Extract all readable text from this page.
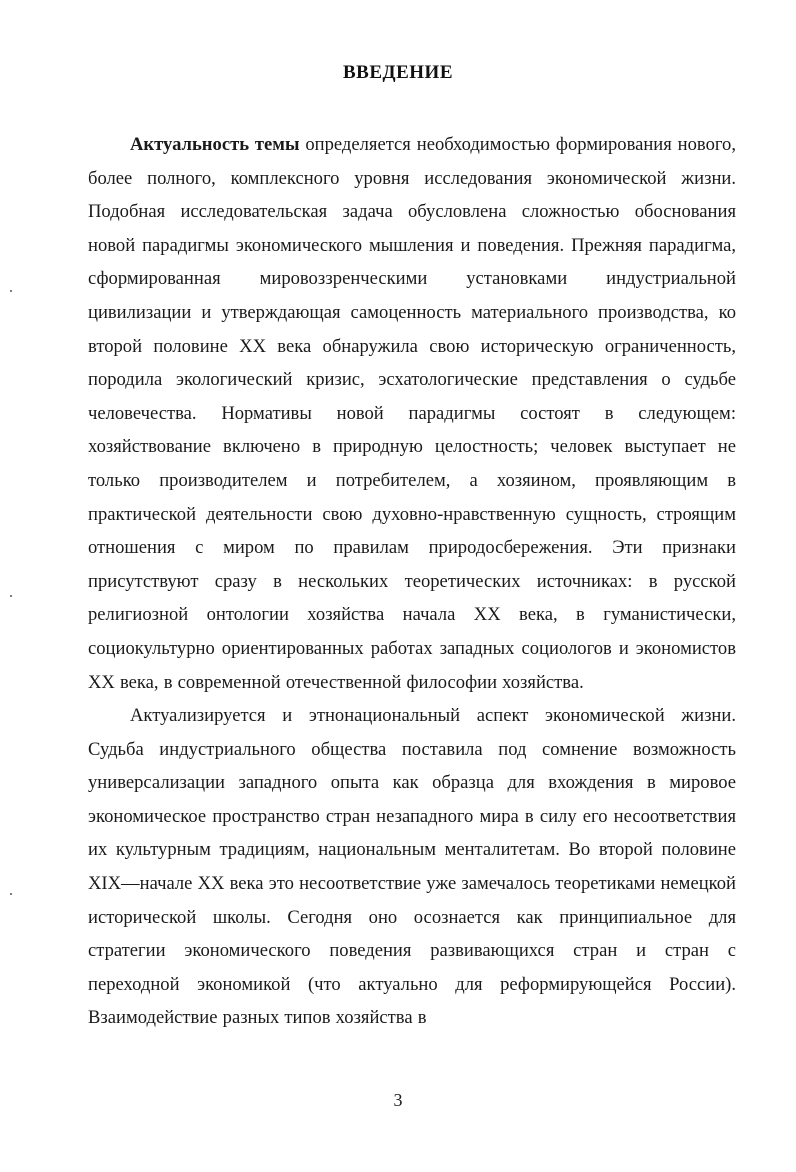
ВВЕДЕНИЕ

Актуальность темы определяется необходимостью формирования нового, более полного, комплексного уровня исследования экономической жизни. Подобная исследовательская задача обусловлена сложностью обоснования новой парадигмы экономического мышления и поведения. Прежняя парадигма, сформированная мировоззренческими установками индустриальной цивилизации и утверждающая самоценность материального производства, ко второй половине XX века обнаружила свою историческую ограниченность, породила экологический кризис, эсхатологические представления о судьбе человечества. Нормативы новой парадигмы состоят в следующем: хозяйствование включено в природную целостность; человек выступает не только производителем и потребителем, а хозяином, проявляющим в практической деятельности свою духовно-нравственную сущность, строящим отношения с миром по правилам природосбережения. Эти признаки присутствуют сразу в нескольких теоретических источниках: в русской религиозной онтологии хозяйства начала XX века, в гуманистически, социокультурно ориентированных работах западных социологов и экономистов XX века, в современной отечественной философии хозяйства.

Актуализируется и этнонациональный аспект экономической жизни. Судьба индустриального общества поставила под сомнение возможность универсализации западного опыта как образца для вхождения в мировое экономическое пространство стран незападного мира в силу его несоответствия их культурным традициям, национальным менталитетам. Во второй половине XIX—начале XX века это несоответствие уже замечалось теоретиками немецкой исторической школы. Сегодня оно осознается как принципиальное для стратегии экономического поведения развивающихся стран и стран с переходной экономикой (что актуально для реформирующейся России). Взаимодействие разных типов хозяйства в

3
